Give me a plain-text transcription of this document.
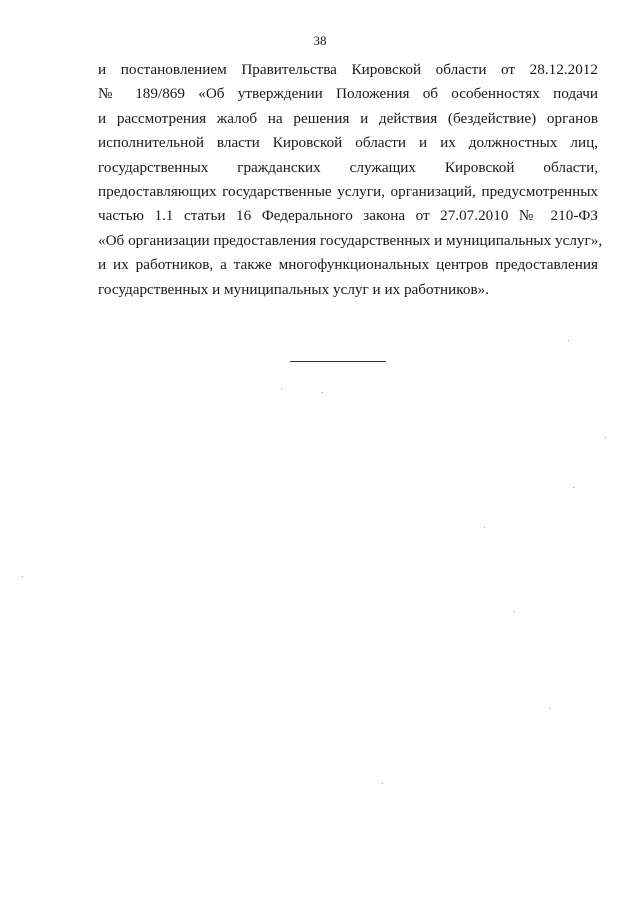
38
и постановлением Правительства Кировской области от 28.12.2012
№ 189/869 «Об утверждении Положения об особенностях подачи
и рассмотрения жалоб на решения и действия (бездействие) органов
исполнительной власти Кировской области и их должностных лиц,
государственных гражданских служащих Кировской области,
предоставляющих государственные услуги, организаций, предусмотренных
частью 1.1 статьи 16 Федерального закона от 27.07.2010 № 210-ФЗ
«Об организации предоставления государственных и муниципальных услуг»,
и их работников, а также многофункциональных центров предоставления
государственных и муниципальных услуг и их работников».
